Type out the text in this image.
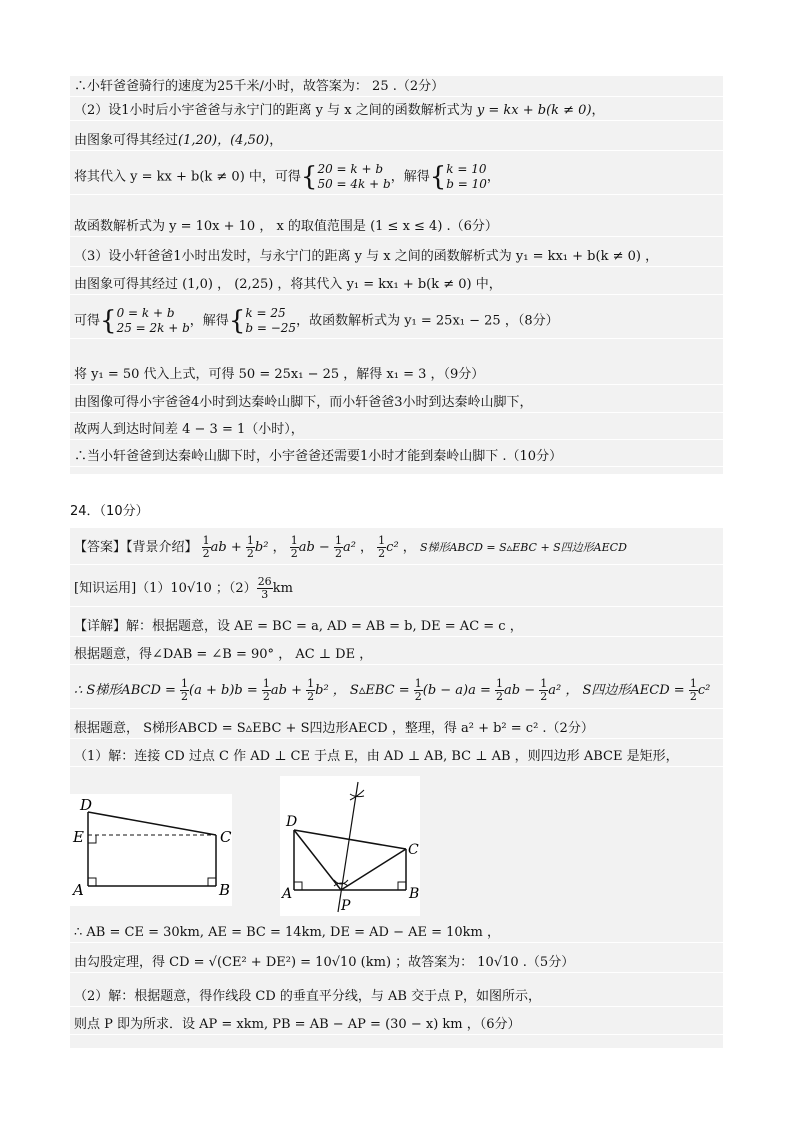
∴小轩爸爸骑行的速度为25千米/小时，故答案为： 25 .（2分）
（2）设1小时后小宇爸爸与永宁门的距离 y 与 x 之间的函数解析式为 y = kx + b(k ≠ 0)，
由图象可得其经过(1,20)，(4,50)，
将其代入 y = kx + b(k ≠ 0) 中，可得{ 20 = k + b
50 = 4k + b ，解得{ k = 10
b = 10 ，
故函数解析式为 y = 10x + 10 ， x 的取值范围是 (1 ≤ x ≤ 4) .（6分）
（3）设小轩爸爸1小时出发时，与永宁门的距离 y 与 x 之间的函数解析式为 y₁ = kx₁ + b(k ≠ 0) ，
由图象可得其经过 (1,0) ， (2,25) ，将其代入 y₁ = kx₁ + b(k ≠ 0) 中，
可得{ 0 = k + b
25 = 2k + b ，解得{ k = 25
b = −25 ，故函数解析式为 y₁ = 25x₁ − 25 ，（8分）
将 y₁ = 50 代入上式，可得 50 = 25x₁ − 25 ，解得 x₁ = 3 ，（9分）
由图像可得小宇爸爸4小时到达秦岭山脚下，而小轩爸爸3小时到达秦岭山脚下，
故两人到达时间差 4 − 3 = 1（小时），
∴当小轩爸爸到达秦岭山脚下时，小宇爸爸还需要1小时才能到秦岭山脚下 .（10分）
24．（10分）
【答案】【背景介绍】 $\frac{1}{2}$ ab + $\frac{1}{2} b^2$ ， $\frac{1}{2}$ ab − $\frac{1}{2} a^2$ ， $\frac{1}{2} c^2$ ， S梯形ABCD = S▵EBC + S四边形AECD
[知识运用]（1）10√10 ；$(2) \frac{26}{3}$ km
【详解】解：根据题意，设 AE = BC = a, AD = AB = b, DE = AC = c ，
根据题意，得∠DAB = ∠B = 90° ， AC ⊥ DE ，
∴ S梯形ABCD = $\frac{1}{2} (a + b)b = \frac{1}{2}$ ab + $\frac{1}{2} b^2$ ， S▵EBC = $\frac{1}{2} (b - a)a = \frac{1}{2}$ ab − $\frac{1}{2} a^2$ ， S四边形AECD = $\frac{1}{2} c^2$
根据题意， S梯形ABCD = S▵EBC + S四边形AECD ，整理，得 a² + b² = c² .（2分）
（1）解：连接 CD 过点 C 作 AD ⊥ CE 于点 E，由 AD ⊥ AB, BC ⊥ AB ，则四边形 ABCE 是矩形，
D
E	C
A	B
D
C
A	B
P
∴ AB = CE = 30km, AE = BC = 14km, DE = AD − AE = 10km ，
由勾股定理，得 CD = √(CE² + DE²) = 10√10 (km) ；故答案为： 10√10 .（5分）
（2）解：根据题意，得作线段 CD 的垂直平分线，与 AB 交于点 P，如图所示，
则点 P 即为所求．设 AP = xkm, PB = AB − AP = (30 − x) km ，（6分）
